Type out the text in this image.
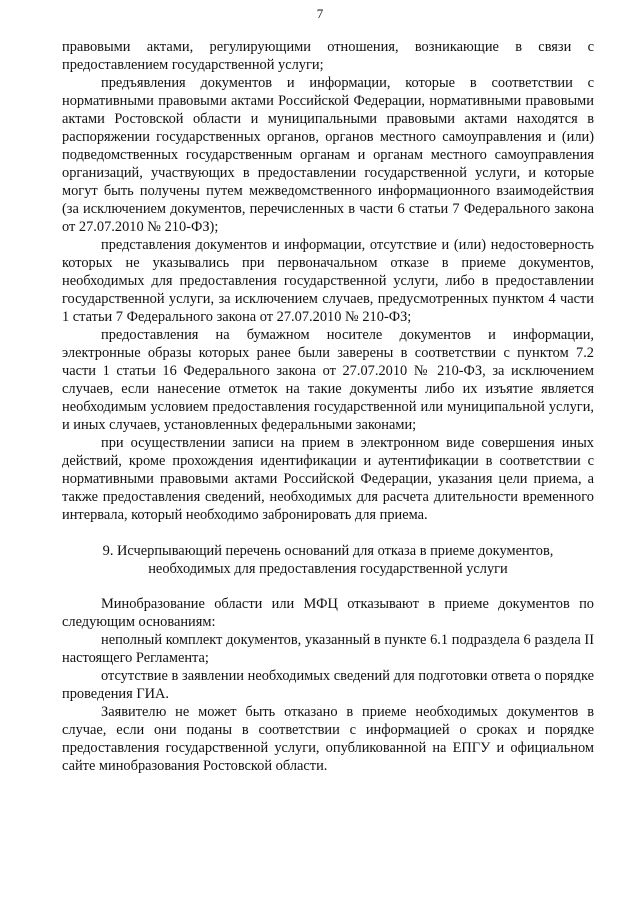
7

правовыми актами, регулирующими отношения, возникающие в связи с предоставлением государственной услуги;

предъявления документов и информации, которые в соответствии с нормативными правовыми актами Российской Федерации, нормативными правовыми актами Ростовской области и муниципальными правовыми актами находятся в распоряжении государственных органов, органов местного самоуправления и (или) подведомственных государственным органам и органам местного самоуправления организаций, участвующих в предоставлении государственной услуги, и которые могут быть получены путем межведомственного информационного взаимодействия (за исключением документов, перечисленных в части 6 статьи 7 Федерального закона от 27.07.2010 № 210-ФЗ);

представления документов и информации, отсутствие и (или) недостоверность которых не указывались при первоначальном отказе в приеме документов, необходимых для предоставления государственной услуги, либо в предоставлении государственной услуги, за исключением случаев, предусмотренных пунктом 4 части 1 статьи 7 Федерального закона от 27.07.2010 № 210-ФЗ;

предоставления на бумажном носителе документов и информации, электронные образы которых ранее были заверены в соответствии с пунктом 7.2 части 1 статьи 16 Федерального закона от 27.07.2010 № 210-ФЗ, за исключением случаев, если нанесение отметок на такие документы либо их изъятие является необходимым условием предоставления государственной или муниципальной услуги, и иных случаев, установленных федеральными законами;

при осуществлении записи на прием в электронном виде совершения иных действий, кроме прохождения идентификации и аутентификации в соответствии с нормативными правовыми актами Российской Федерации, указания цели приема, а также предоставления сведений, необходимых для расчета длительности временного интервала, который необходимо забронировать для приема.

9. Исчерпывающий перечень оснований для отказа в приеме документов,
необходимых для предоставления государственной услуги

Минобразование области или МФЦ отказывают в приеме документов по следующим основаниям:

неполный комплект документов, указанный в пункте 6.1 подраздела 6 раздела II настоящего Регламента;

отсутствие в заявлении необходимых сведений для подготовки ответа о порядке проведения ГИА.

Заявителю не может быть отказано в приеме необходимых документов в случае, если они поданы в соответствии с информацией о сроках и порядке предоставления государственной услуги, опубликованной на ЕПГУ и официальном сайте минобразования Ростовской области.
